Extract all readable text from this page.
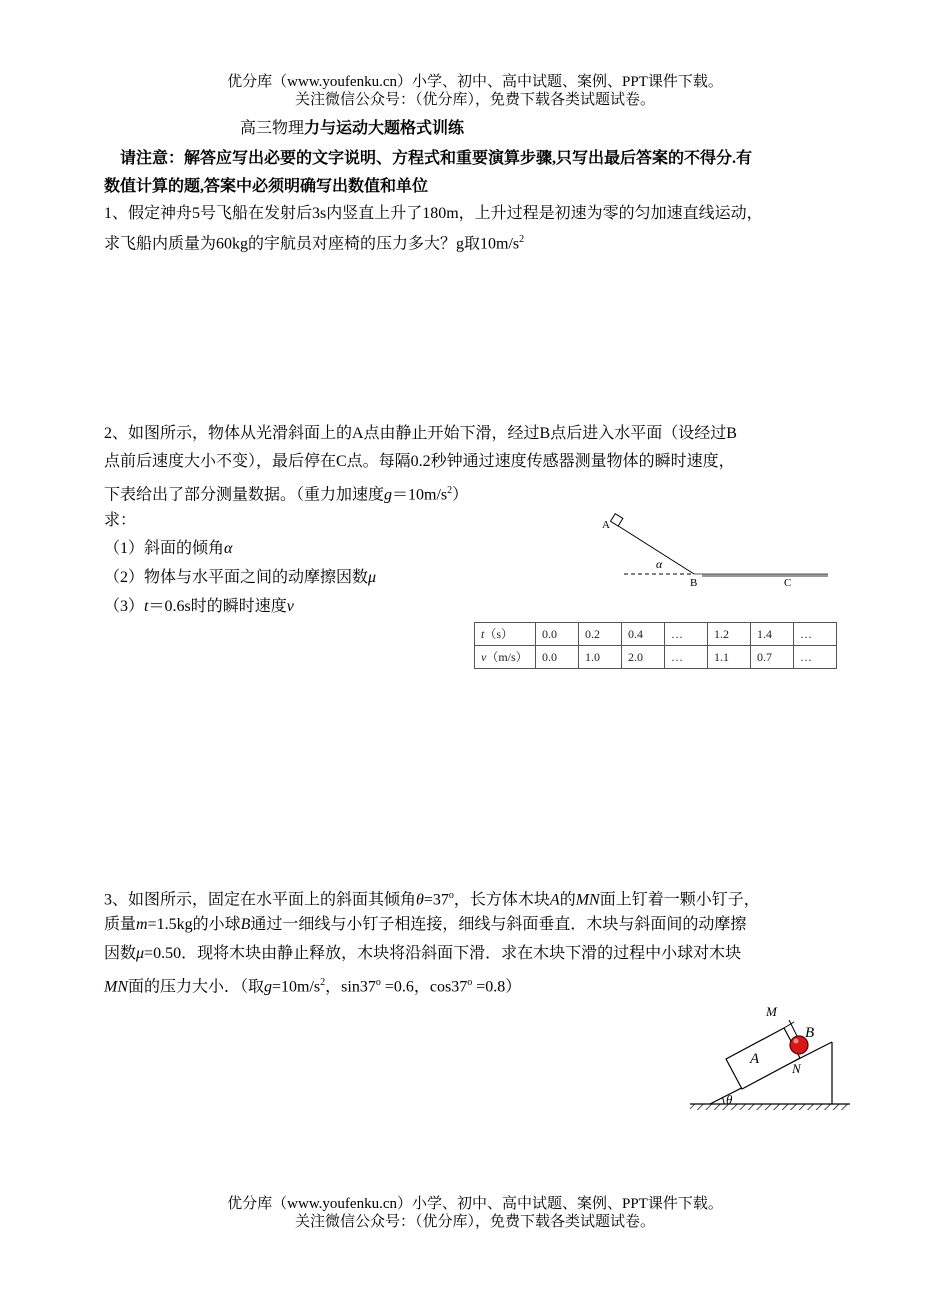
优分库（www.youfenku.cn）小学、初中、高中试题、案例、PPT课件下载。
关注微信公众号：（优分库），免费下载各类试题试卷。
高三物理力与运动大题格式训练
请注意：解答应写出必要的文字说明、方程式和重要演算步骤,只写出最后答案的不得分.有
数值计算的题,答案中必须明确写出数值和单位
1、假定神舟5号飞船在发射后3s内竖直上升了180m，上升过程是初速为零的匀加速直线运动，
求飞船内质量为60kg的宇航员对座椅的压力多大？g取$10m/s^2$
2、如图所示，物体从光滑斜面上的A点由静止开始下滑，经过B点后进入水平面（设经过B
点前后速度大小不变），最后停在C点。每隔0.2秒钟通过速度传感器测量物体的瞬时速度，
下表给出了部分测量数据。（重力加速度$g=10m/s^2$）
求：
（1）斜面的倾角α
（2）物体与水平面之间的动摩擦因数μ
（3）t＝0.6s时的瞬时速度v
A
α
B	C
t（s）	0.0	0.2	0.4	…	1.2	1.4	…
v（m/s）	0.0	1.0	2.0	…	1.1	0.7	…
3、如图所示，固定在水平面上的斜面其倾角$\theta=37^o$，长方体木块A的MN面上钉着一颗小钉子，
质量m=1.5kg的小球B通过一细线与小钉子相连接，细线与斜面垂直．木块与斜面间的动摩擦
因数μ=0.50．现将木块由静止释放，木块将沿斜面下滑．求在木块下滑的过程中小球对木块
MN面的压力大小．（取$g=10m/s^2$，$\sin 37^o =0.6$，$\cos 37^o =0.8$）
M
B
A
N
θ
优分库（www.youfenku.cn）小学、初中、高中试题、案例、PPT课件下载。
关注微信公众号：（优分库），免费下载各类试题试卷。
